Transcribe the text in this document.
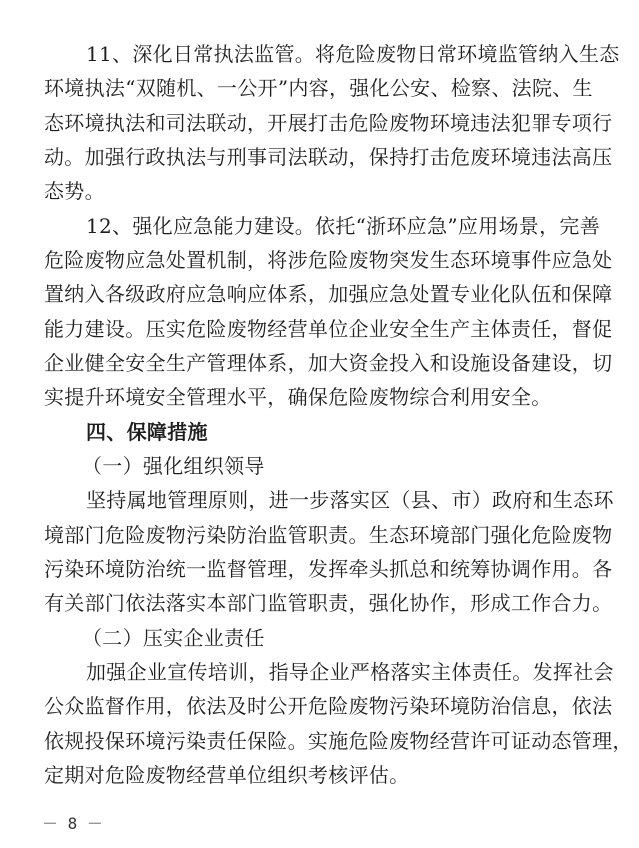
11、深化日常执法监管。将危险废物日常环境监管纳入生态
环境执法“双随机、一公开”内容，强化公安、检察、法院、生
态环境执法和司法联动，开展打击危险废物环境违法犯罪专项行
动。加强行政执法与刑事司法联动，保持打击危废环境违法高压
态势。
12、强化应急能力建设。依托“浙环应急”应用场景，完善
危险废物应急处置机制，将涉危险废物突发生态环境事件应急处
置纳入各级政府应急响应体系，加强应急处置专业化队伍和保障
能力建设。压实危险废物经营单位企业安全生产主体责任，督促
企业健全安全生产管理体系，加大资金投入和设施设备建设，切
实提升环境安全管理水平，确保危险废物综合利用安全。
四、保障措施
（一）强化组织领导
坚持属地管理原则，进一步落实区（县、市）政府和生态环
境部门危险废物污染防治监管职责。生态环境部门强化危险废物
污染环境防治统一监督管理，发挥牵头抓总和统筹协调作用。各
有关部门依法落实本部门监管职责，强化协作，形成工作合力。
（二）压实企业责任
加强企业宣传培训，指导企业严格落实主体责任。发挥社会
公众监督作用，依法及时公开危险废物污染环境防治信息，依法
依规投保环境污染责任保险。实施危险废物经营许可证动态管理，
定期对危险废物经营单位组织考核评估。
－ 8 －
